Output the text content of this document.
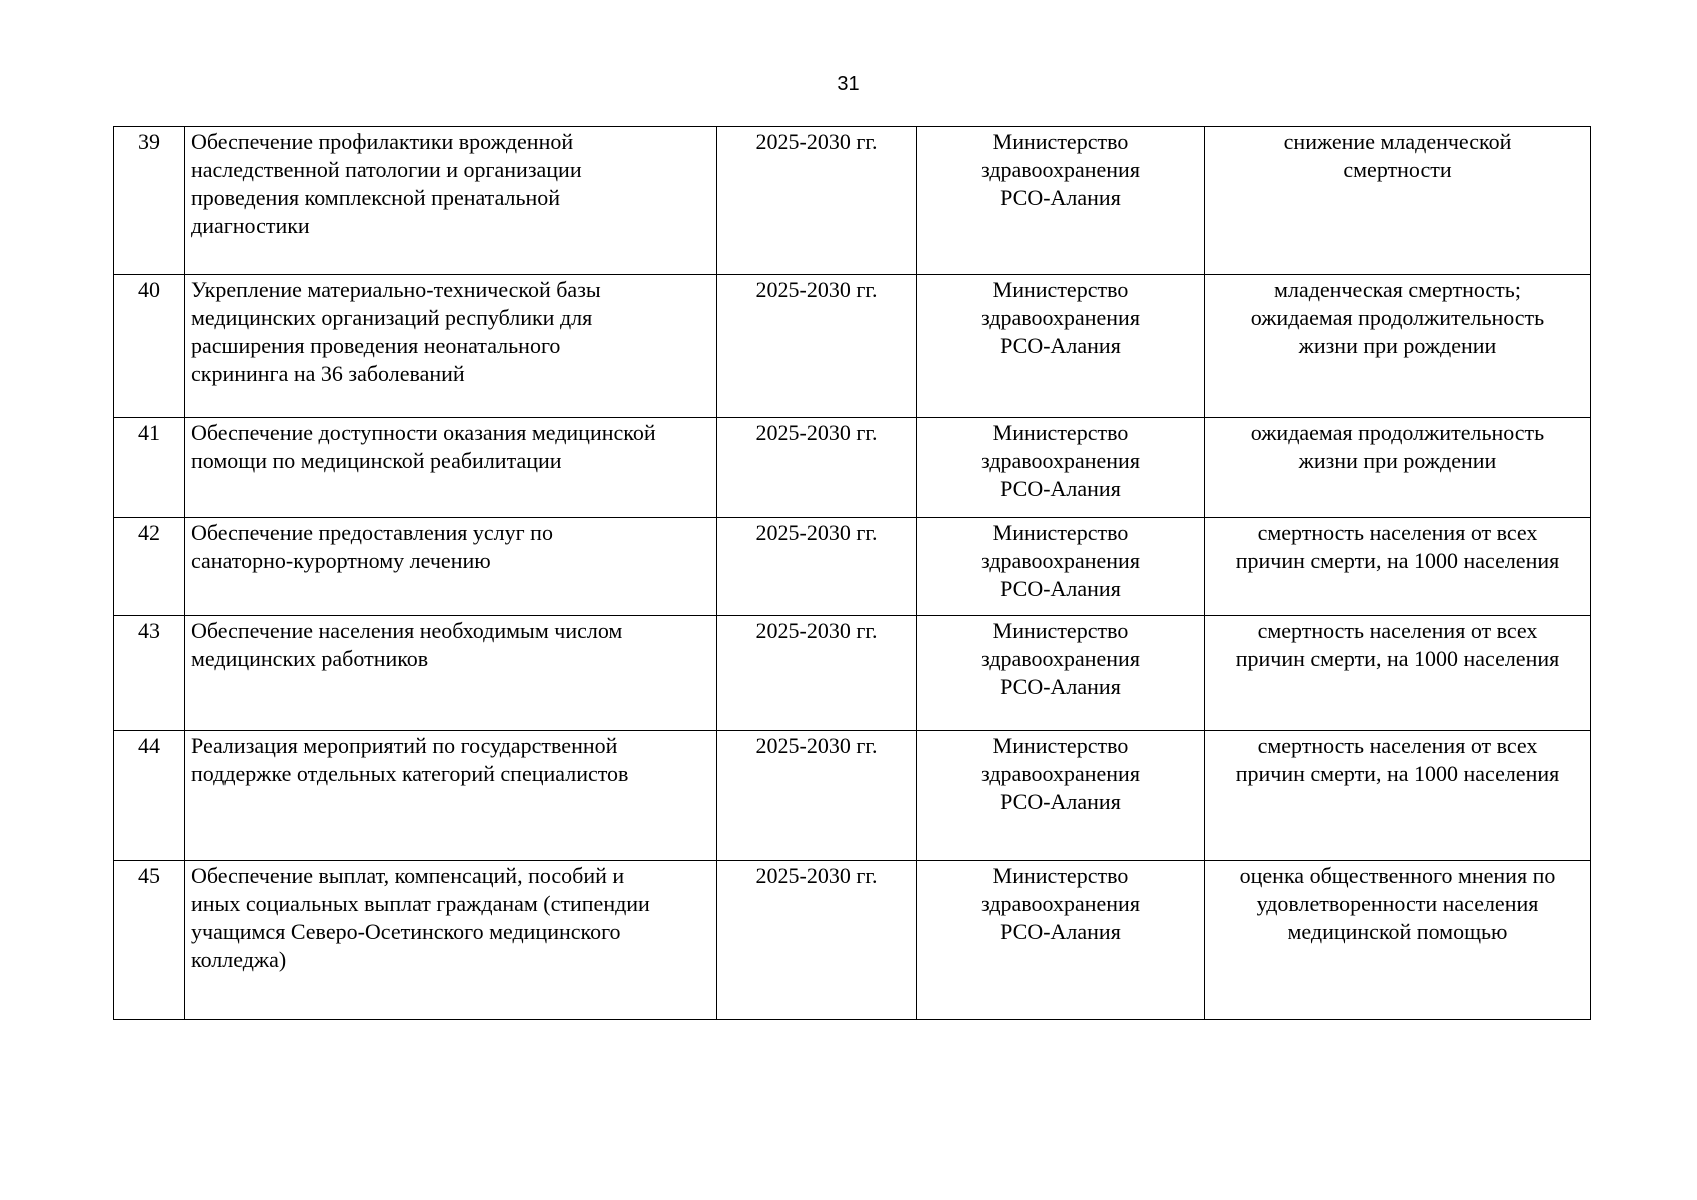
31
39	Обеспечение профилактики врожденной
наследственной патологии и организации
проведения комплексной пренатальной
диагностики	2025-2030 гг.	Министерство
здравоохранения
РСО-Алания	снижение младенческой
смертности
40	Укрепление материально-технической базы
медицинских организаций республики для
расширения проведения неонатального
скрининга на 36 заболеваний	2025-2030 гг.	Министерство
здравоохранения
РСО-Алания	младенческая смертность;
ожидаемая продолжительность
жизни при рождении
41	Обеспечение доступности оказания медицинской
помощи по медицинской реабилитации	2025-2030 гг.	Министерство
здравоохранения
РСО-Алания	ожидаемая продолжительность
жизни при рождении
42	Обеспечение предоставления услуг по
санаторно-курортному лечению	2025-2030 гг.	Министерство
здравоохранения
РСО-Алания	смертность населения от всех
причин смерти, на 1000 населения
43	Обеспечение населения необходимым числом
медицинских работников	2025-2030 гг.	Министерство
здравоохранения
РСО-Алания	смертность населения от всех
причин смерти, на 1000 населения
44	Реализация мероприятий по государственной
поддержке отдельных категорий специалистов	2025-2030 гг.	Министерство
здравоохранения
РСО-Алания	смертность населения от всех
причин смерти, на 1000 населения
45	Обеспечение выплат, компенсаций, пособий и
иных социальных выплат гражданам (стипендии
учащимся Северо-Осетинского медицинского
колледжа)	2025-2030 гг.	Министерство
здравоохранения
РСО-Алания	оценка общественного мнения по
удовлетворенности населения
медицинской помощью
